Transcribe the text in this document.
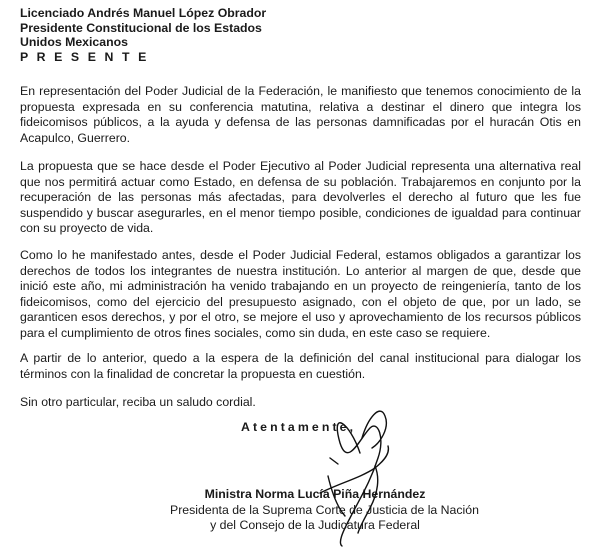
Licenciado Andrés Manuel López Obrador
Presidente Constitucional de los Estados
Unidos Mexicanos
P R E S E N T E

En representación del Poder Judicial de la Federación, le manifiesto que tenemos conocimiento de la propuesta expresada en su conferencia matutina, relativa a destinar el dinero que integra los fideicomisos públicos, a la ayuda y defensa de las personas damnificadas por el huracán Otis en Acapulco, Guerrero.

La propuesta que se hace desde el Poder Ejecutivo al Poder Judicial representa una alternativa real que nos permitirá actuar como Estado, en defensa de su población. Trabajaremos en conjunto por la recuperación de las personas más afectadas, para devolverles el derecho al futuro que les fue suspendido y buscar asegurarles, en el menor tiempo posible, condiciones de igualdad para continuar con su proyecto de vida.

Como lo he manifestado antes, desde el Poder Judicial Federal, estamos obligados a garantizar los derechos de todos los integrantes de nuestra institución. Lo anterior al margen de que, desde que inició este año, mi administración ha venido trabajando en un proyecto de reingeniería, tanto de los fideicomisos, como del ejercicio del presupuesto asignado, con el objeto de que, por un lado, se garanticen esos derechos, y por el otro, se mejore el uso y aprovechamiento de los recursos públicos para el cumplimiento de otros fines sociales, como sin duda, en este caso se requiere.

A partir de lo anterior, quedo a la espera de la definición del canal institucional para dialogar los términos con la finalidad de concretar la propuesta en cuestión.

Sin otro particular, reciba un saludo cordial.

Atentamente,
Ministra Norma Lucía Piña Hernández
Presidenta de la Suprema Corte de Justicia de la Nación
y del Consejo de la Judicatura Federal
